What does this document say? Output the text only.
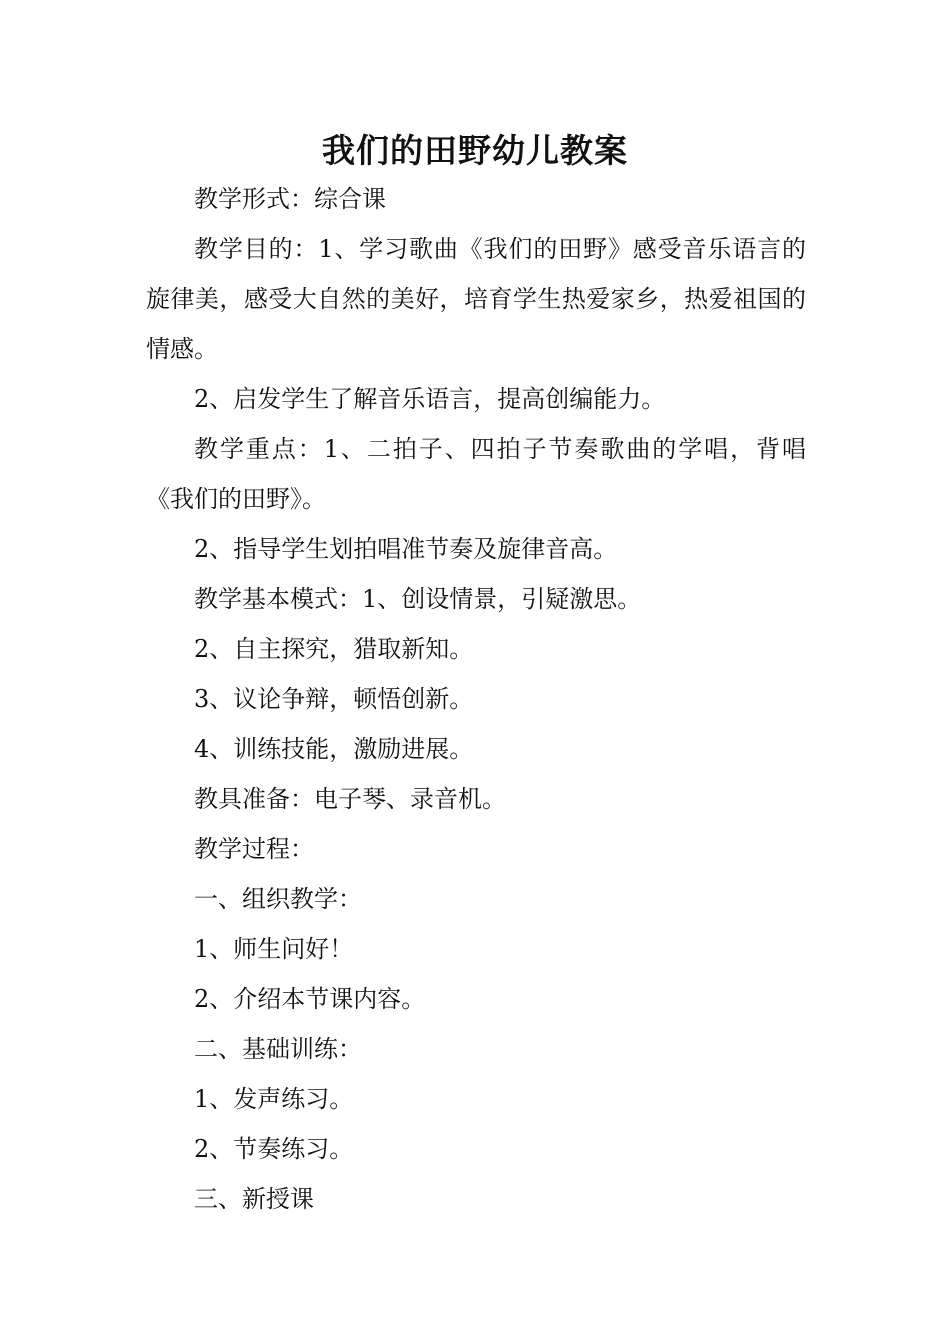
我们的田野幼儿教案

教学形式：综合课

教学目的：1、学习歌曲《我们的田野》感受音乐语言的旋律美，感受大自然的美好，培育学生热爱家乡，热爱祖国的情感。

2、启发学生了解音乐语言，提高创编能力。

教学重点：1、二拍子、四拍子节奏歌曲的学唱，背唱《我们的田野》。

2、指导学生划拍唱准节奏及旋律音高。

教学基本模式：1、创设情景，引疑激思。

2、自主探究，猎取新知。

3、议论争辩，顿悟创新。

4、训练技能，激励进展。

教具准备：电子琴、录音机。

教学过程：

一、组织教学：

1、师生问好！

2、介绍本节课内容。

二、基础训练：

1、发声练习。

2、节奏练习。

三、新授课
